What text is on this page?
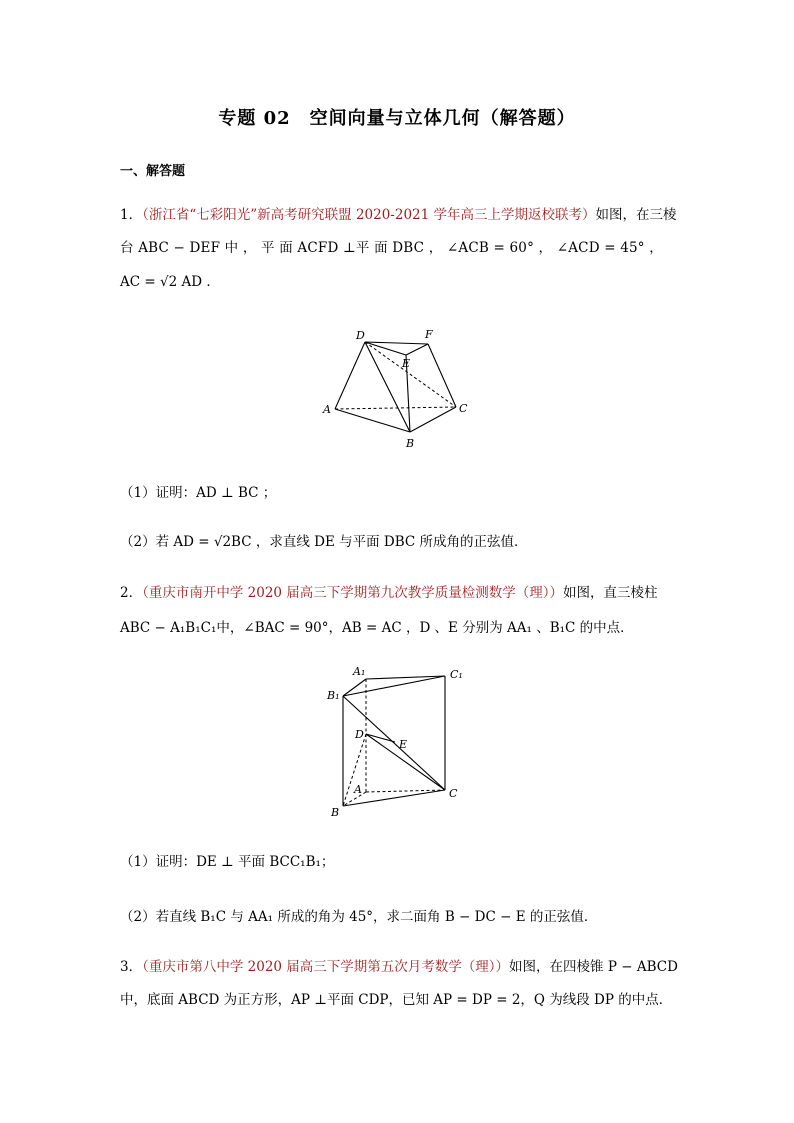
专题 02　空间向量与立体几何（解答题）
一、解答题
1．（浙江省“七彩阳光”新高考研究联盟 2020-2021 学年高三上学期返校联考）如图，在三棱
台 ABC − DEF 中 ， 平 面 ACFD ⊥平 面 DBC ， ∠ACB = 60° ， ∠ACD = 45° ，
AC = √2 AD ．
D	F
E
A	C
B
（1）证明：AD ⊥ BC ；
（2）若 AD = √2BC ，求直线 DE 与平面 DBC 所成角的正弦值．
2．（重庆市南开中学 2020 届高三下学期第九次教学质量检测数学（理））如图，直三棱柱
ABC − A₁B₁C₁中，∠BAC = 90°，AB = AC ，D 、E 分别为 AA₁ 、B₁C 的中点．
A₁	C₁
B₁
D
E
A	C
B
（1）证明：DE ⊥ 平面 BCC₁B₁；
（2）若直线 B₁C 与 AA₁ 所成的角为 45°，求二面角 B − DC − E 的正弦值．
3．（重庆市第八中学 2020 届高三下学期第五次月考数学（理））如图，在四棱锥 P − ABCD
中，底面 ABCD 为正方形，AP ⊥平面 CDP，已知 AP = DP = 2，Q 为线段 DP 的中点．
